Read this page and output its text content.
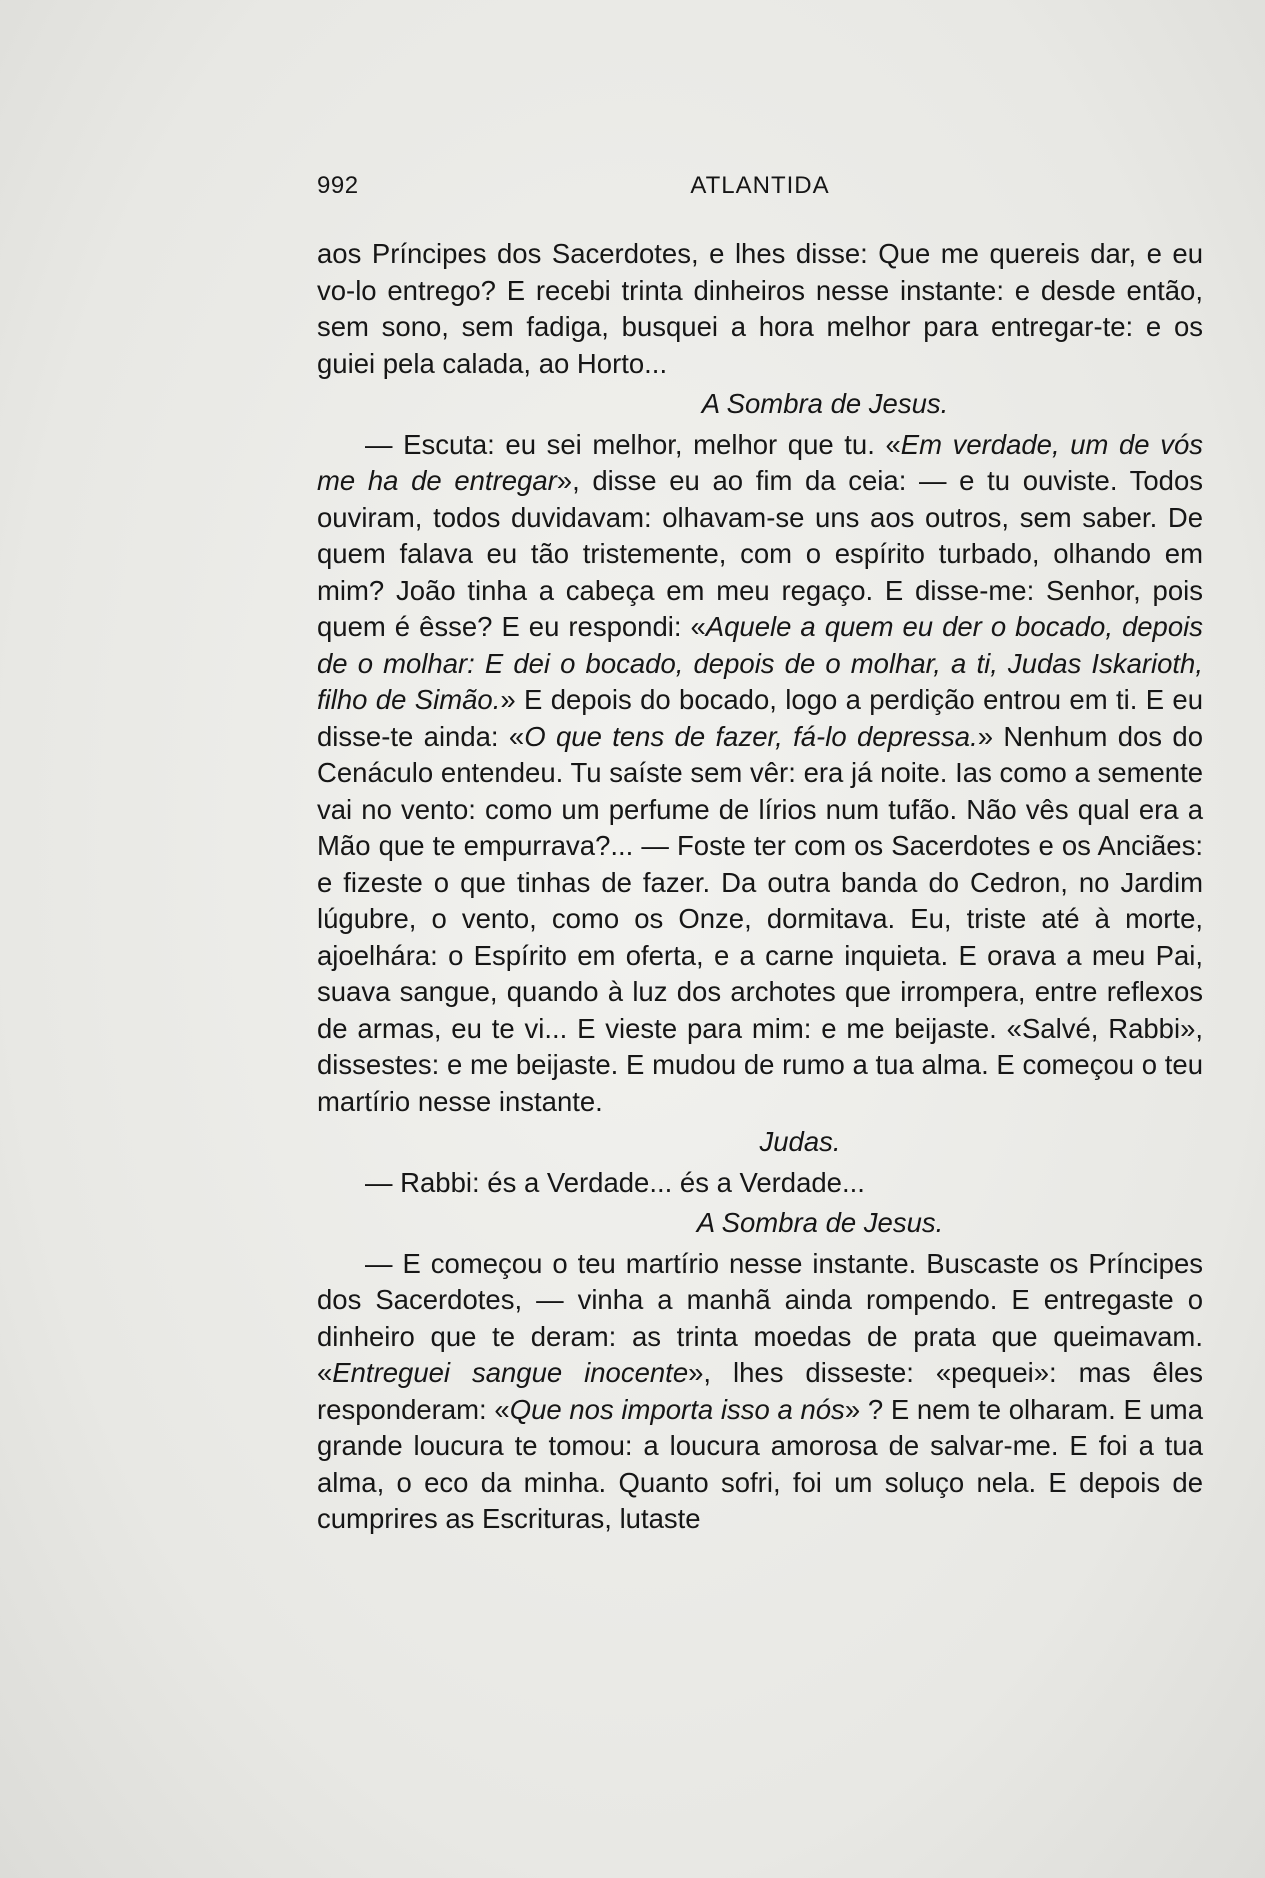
992	ATLANTIDA

aos Príncipes dos Sacerdotes, e lhes disse: Que me quereis dar, e eu vo-lo entrego? E recebi trinta dinheiros nesse instante: e desde então, sem sono, sem fadiga, busquei a hora melhor para entregar-te: e os guiei pela calada, ao Horto...

A Sombra de Jesus.

— Escuta: eu sei melhor, melhor que tu. «Em verdade, um de vós me ha de entregar», disse eu ao fim da ceia: — e tu ouviste. Todos ouviram, todos duvidavam: olhavam-se uns aos outros, sem saber. De quem falava eu tão tristemente, com o espírito turbado, olhando em mim? João tinha a cabeça em meu regaço. E disse-me: Senhor, pois quem é êsse? E eu respondi: «Aquele a quem eu der o bocado, depois de o molhar: E dei o bocado, depois de o molhar, a ti, Judas Iskarioth, filho de Simão.» E depois do bocado, logo a perdição entrou em ti. E eu disse-te ainda: «O que tens de fazer, fá-lo depressa.» Nenhum dos do Cenáculo entendeu. Tu saíste sem vêr: era já noite. Ias como a semente vai no vento: como um perfume de lírios num tufão. Não vês qual era a Mão que te empurrava?... — Foste ter com os Sacerdotes e os Anciães: e fizeste o que tinhas de fazer. Da outra banda do Cedron, no Jardim lúgubre, o vento, como os Onze, dormitava. Eu, triste até à morte, ajoelhára: o Espírito em oferta, e a carne inquieta. E orava a meu Pai, suava sangue, quando à luz dos archotes que irrompera, entre reflexos de armas, eu te vi... E vieste para mim: e me beijaste. «Salvé, Rabbi», dissestes: e me beijaste. E mudou de rumo a tua alma. E começou o teu martírio nesse instante.

Judas.

— Rabbi: és a Verdade... és a Verdade...

A Sombra de Jesus.

— E começou o teu martírio nesse instante. Buscaste os Príncipes dos Sacerdotes, — vinha a manhã ainda rompendo. E entregaste o dinheiro que te deram: as trinta moedas de prata que queimavam. «Entreguei sangue inocente», lhes disseste: «pequei»: mas êles responderam: «Que nos importa isso a nós» ? E nem te olharam. E uma grande loucura te tomou: a loucura amorosa de salvar-me. E foi a tua alma, o eco da minha. Quanto sofri, foi um soluço nela. E depois de cumprires as Escrituras, lutaste
